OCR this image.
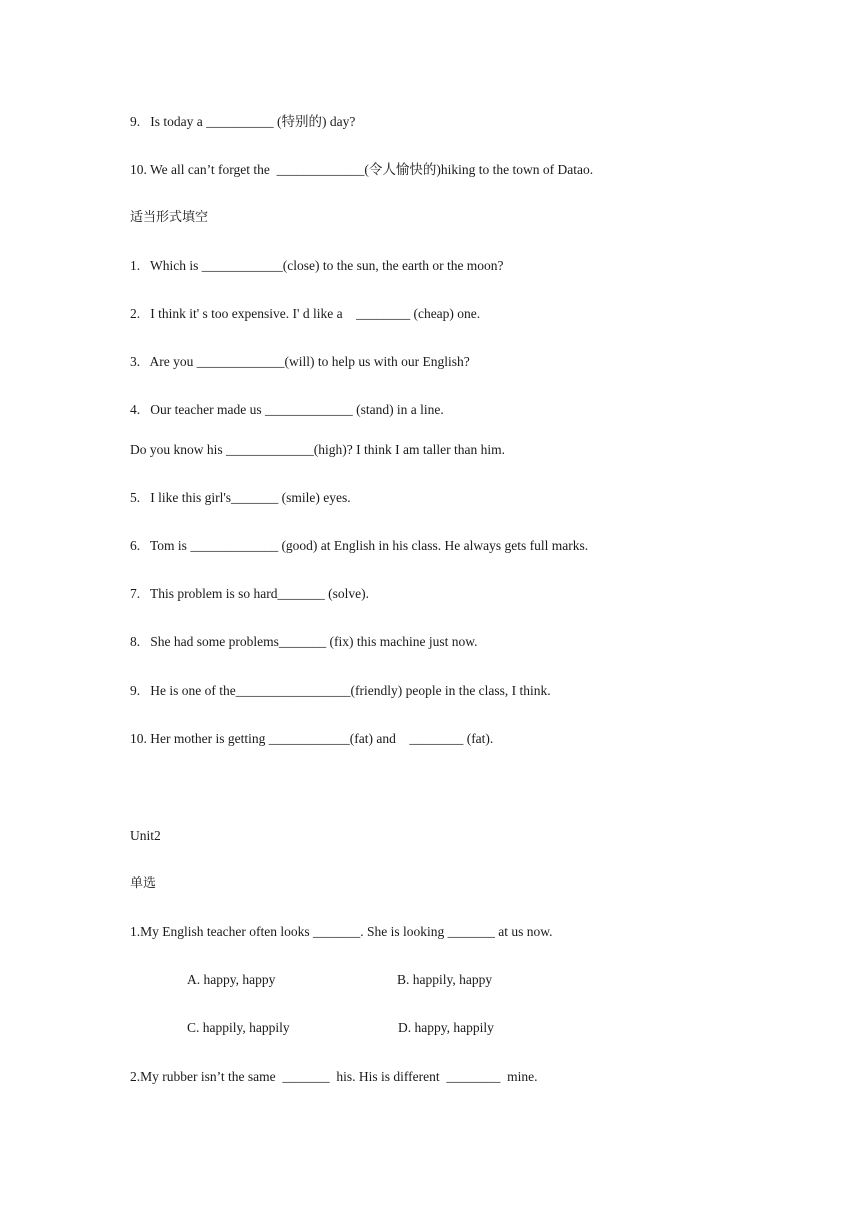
9.   Is today a __________ (特别的) day?
10. We all can’t forget the  _____________(令人愉快的)hiking to the town of Datao.
适当形式填空
1.   Which is ____________(close) to the sun, the earth or the moon?
2.   I think it' s too expensive. I' d like a    ________ (cheap) one.
3.   Are you _____________(will) to help us with our English?
4.   Our teacher made us _____________ (stand) in a line.
Do you know his _____________(high)? I think I am taller than him.
5.   I like this girl's_______ (smile) eyes.
6.   Tom is _____________ (good) at English in his class. He always gets full marks.
7.   This problem is so hard_______ (solve).
8.   She had some problems_______ (fix) this machine just now.
9.   He is one of the_________________(friendly) people in the class, I think.
10. Her mother is getting ____________(fat) and    ________ (fat).
Unit2
单选
1.My English teacher often looks _______. She is looking _______ at us now.
A. happy, happy	B. happily, happy
C. happily, happily	D. happy, happily
2.My rubber isn’t the same  _______  his. His is different  ________  mine.
